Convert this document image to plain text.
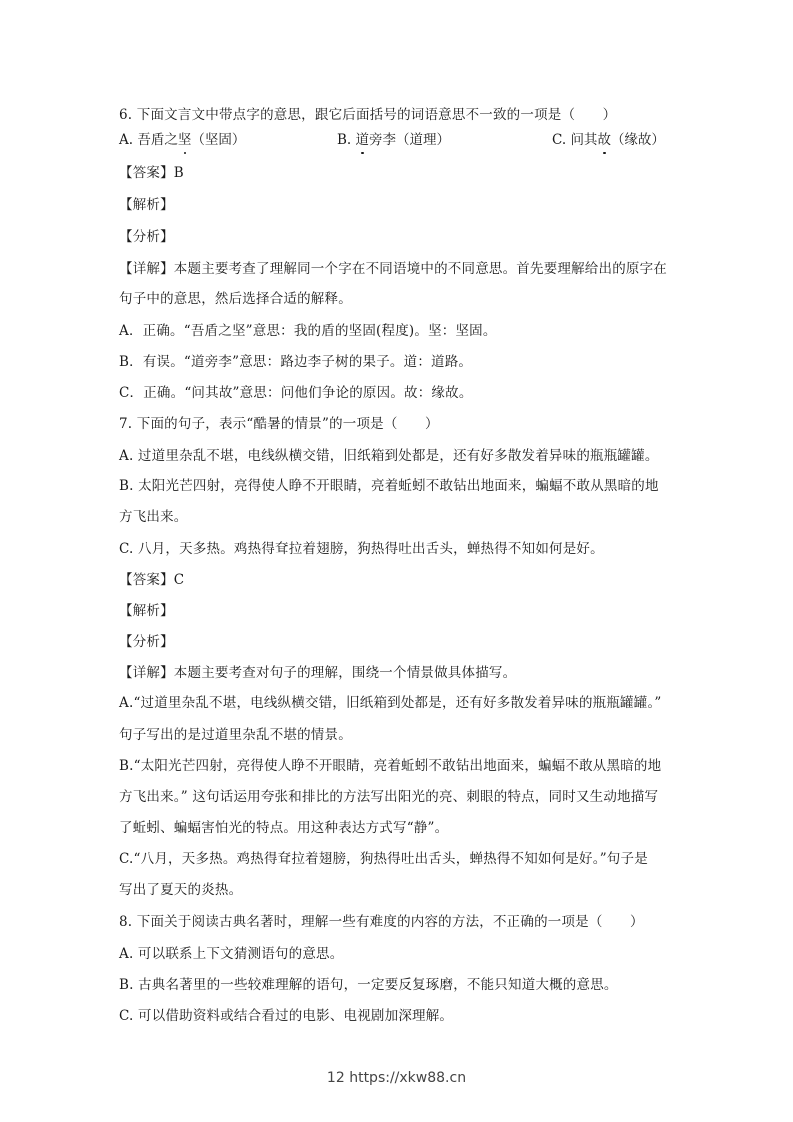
6. 下面文言文中带点字的意思，跟它后面括号的词语意思不一致的一项是（　　）
A. 吾盾之坚（坚固）	B. 道旁李（道理）	C. 问其故（缘故）
【答案】B
【解析】
【分析】
【详解】本题主要考查了理解同一个字在不同语境中的不同意思。首先要理解给出的原字在
句子中的意思，然后选择合适的解释。
A．正确。“吾盾之坚”意思：我的盾的坚固(程度)。坚：坚固。
B．有误。“道旁李”意思：路边李子树的果子。道：道路。
C．正确。“问其故”意思：问他们争论的原因。故：缘故。
7. 下面的句子，表示“酷暑的情景”的一项是（　　）
A. 过道里杂乱不堪，电线纵横交错，旧纸箱到处都是，还有好多散发着异味的瓶瓶罐罐。
B. 太阳光芒四射，亮得使人睁不开眼睛，亮着蚯蚓不敢钻出地面来，蝙蝠不敢从黑暗的地
方飞出来。
C. 八月，天多热。鸡热得耷拉着翅膀，狗热得吐出舌头，蝉热得不知如何是好。
【答案】C
【解析】
【分析】
【详解】本题主要考查对句子的理解，围绕一个情景做具体描写。
A.“过道里杂乱不堪，电线纵横交错，旧纸箱到处都是，还有好多散发着异味的瓶瓶罐罐。”
句子写出的是过道里杂乱不堪的情景。
B.“太阳光芒四射，亮得使人睁不开眼睛，亮着蚯蚓不敢钻出地面来，蝙蝠不敢从黑暗的地
方飞出来。” 这句话运用夸张和排比的方法写出阳光的亮、刺眼的特点，同时又生动地描写
了蚯蚓、蝙蝠害怕光的特点。用这种表达方式写“静”。
C.“八月，天多热。鸡热得耷拉着翅膀，狗热得吐出舌头，蝉热得不知如何是好。”句子是
写出了夏天的炎热。
8. 下面关于阅读古典名著时，理解一些有难度的内容的方法，不正确的一项是（　　）
A. 可以联系上下文猜测语句的意思。
B. 古典名著里的一些较难理解的语句，一定要反复琢磨，不能只知道大概的意思。
C. 可以借助资料或结合看过的电影、电视剧加深理解。
12 https://xkw88.cn
